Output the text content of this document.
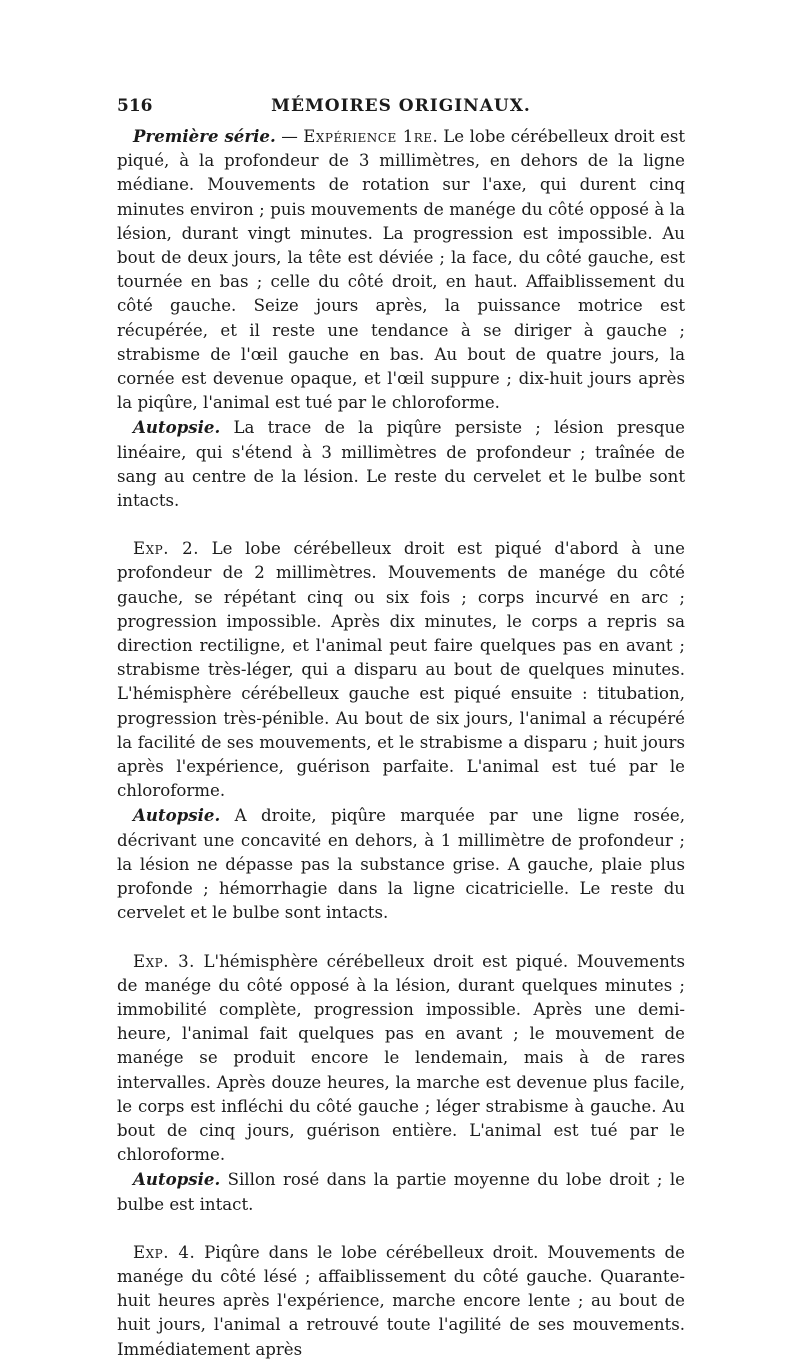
516	MÉMOIRES ORIGINAUX.

Première série. — Expérience 1re. Le lobe cérébelleux droit est piqué, à la profondeur de 3 millimètres, en dehors de la ligne médiane. Mouvements de rotation sur l'axe, qui durent cinq minutes environ ; puis mouvements de manége du côté opposé à la lésion, durant vingt minutes. La progression est impossible. Au bout de deux jours, la tête est déviée ; la face, du côté gauche, est tournée en bas ; celle du côté droit, en haut. Affaiblissement du côté gauche. Seize jours après, la puissance motrice est récupérée, et il reste une tendance à se diriger à gauche ; strabisme de l'œil gauche en bas. Au bout de quatre jours, la cornée est devenue opaque, et l'œil suppure ; dix-huit jours après la piqûre, l'animal est tué par le chloroforme.

Autopsie. La trace de la piqûre persiste ; lésion presque linéaire, qui s'étend à 3 millimètres de profondeur ; traînée de sang au centre de la lésion. Le reste du cervelet et le bulbe sont intacts.

Exp. 2. Le lobe cérébelleux droit est piqué d'abord à une profondeur de 2 millimètres. Mouvements de manége du côté gauche, se répétant cinq ou six fois ; corps incurvé en arc ; progression impossible. Après dix minutes, le corps a repris sa direction rectiligne, et l'animal peut faire quelques pas en avant ; strabisme très-léger, qui a disparu au bout de quelques minutes. L'hémisphère cérébelleux gauche est piqué ensuite : titubation, progression très-pénible. Au bout de six jours, l'animal a récupéré la facilité de ses mouvements, et le strabisme a disparu ; huit jours après l'expérience, guérison parfaite. L'animal est tué par le chloroforme.

Autopsie. A droite, piqûre marquée par une ligne rosée, décrivant une concavité en dehors, à 1 millimètre de profondeur ; la lésion ne dépasse pas la substance grise. A gauche, plaie plus profonde ; hémorrhagie dans la ligne cicatricielle. Le reste du cervelet et le bulbe sont intacts.

Exp. 3. L'hémisphère cérébelleux droit est piqué. Mouvements de manége du côté opposé à la lésion, durant quelques minutes ; immobilité complète, progression impossible. Après une demi-heure, l'animal fait quelques pas en avant ; le mouvement de manége se produit encore le lendemain, mais à de rares intervalles. Après douze heures, la marche est devenue plus facile, le corps est infléchi du côté gauche ; léger strabisme à gauche. Au bout de cinq jours, guérison entière. L'animal est tué par le chloroforme.

Autopsie. Sillon rosé dans la partie moyenne du lobe droit ; le bulbe est intact.

Exp. 4. Piqûre dans le lobe cérébelleux droit. Mouvements de manége du côté lésé ; affaiblissement du côté gauche. Quarante-huit heures après l'expérience, marche encore lente ; au bout de huit jours, l'animal a retrouvé toute l'agilité de ses mouvements. Immédiatement après
